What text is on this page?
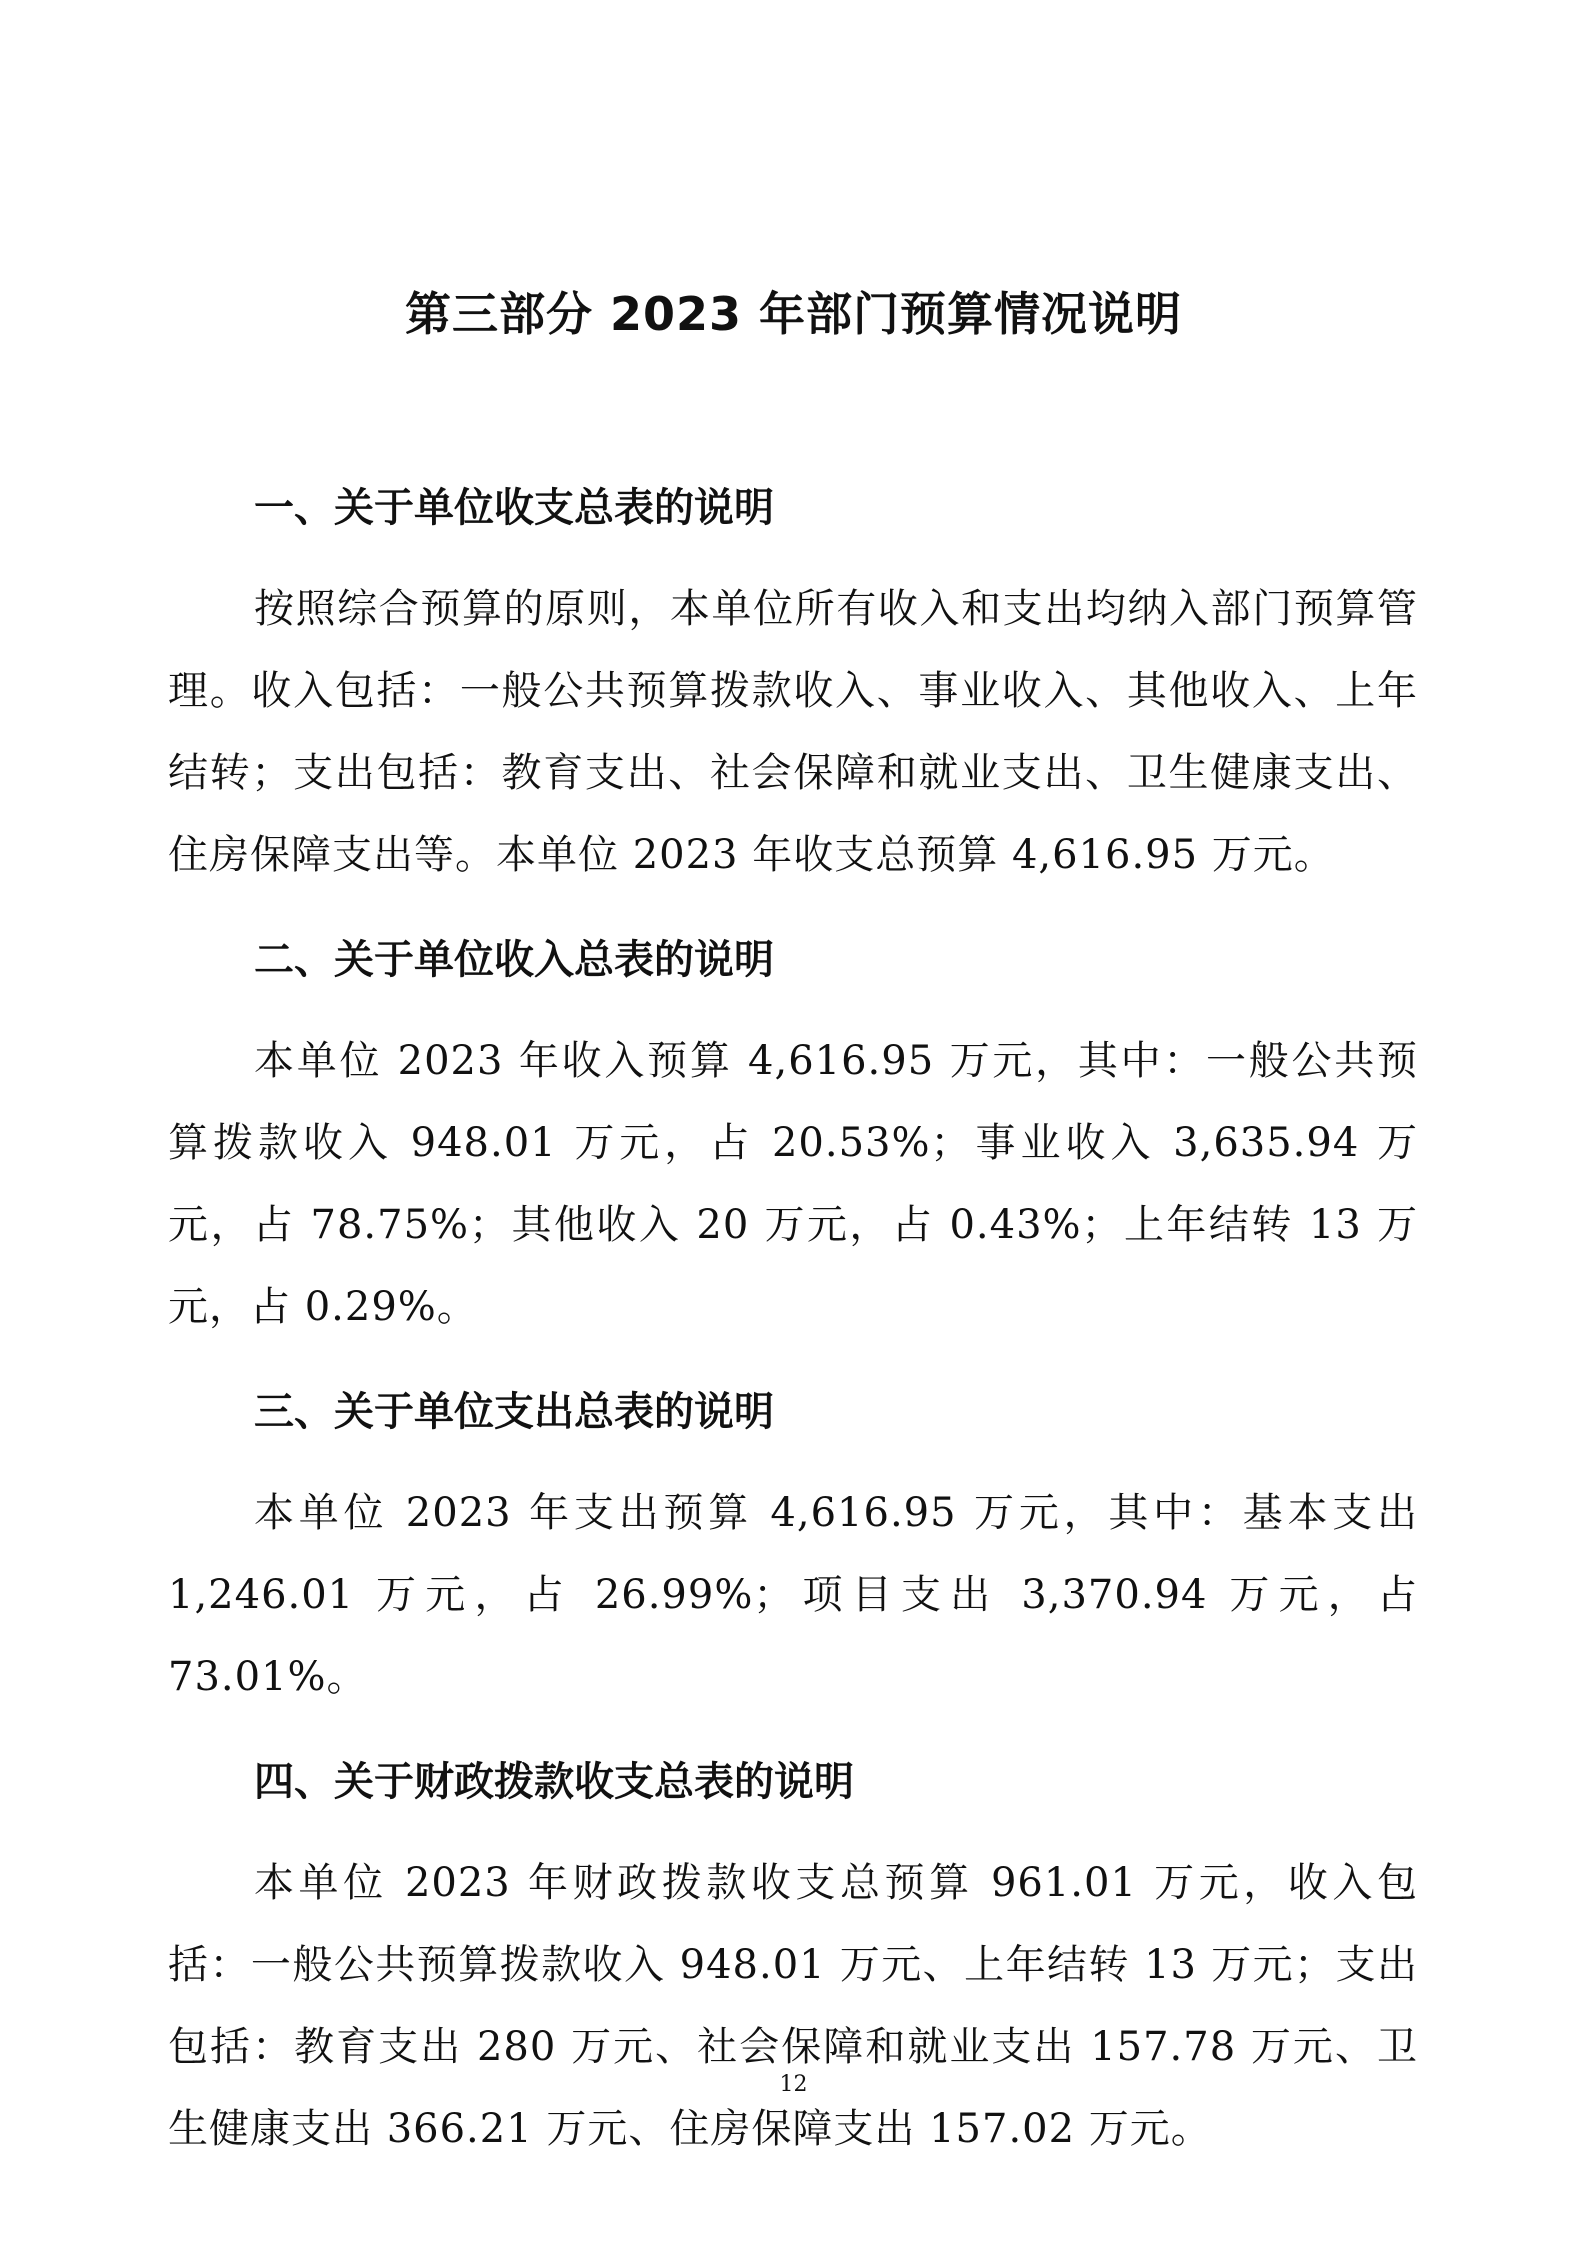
第三部分 2023 年部门预算情况说明
一、关于单位收支总表的说明

按照综合预算的原则，本单位所有收入和支出均纳入部门预算管理。收入包括：一般公共预算拨款收入、事业收入、其他收入、上年结转；支出包括：教育支出、社会保障和就业支出、卫生健康支出、住房保障支出等。本单位 2023 年收支总预算 4,616.95 万元。

二、关于单位收入总表的说明

本单位 2023 年收入预算 4,616.95 万元，其中：一般公共预算拨款收入 948.01 万元，占 20.53%；事业收入 3,635.94 万元，占 78.75%；其他收入 20 万元，占 0.43%；上年结转 13 万元，占 0.29%。

三、关于单位支出总表的说明

本单位 2023 年支出预算 4,616.95 万元，其中：基本支出 1,246.01 万元，占 26.99%；项目支出 3,370.94 万元，占 73.01%。

四、关于财政拨款收支总表的说明

本单位 2023 年财政拨款收支总预算 961.01 万元，收入包括：一般公共预算拨款收入 948.01 万元、上年结转 13 万元；支出包括：教育支出 280 万元、社会保障和就业支出 157.78 万元、卫生健康支出 366.21 万元、住房保障支出 157.02 万元。

12
